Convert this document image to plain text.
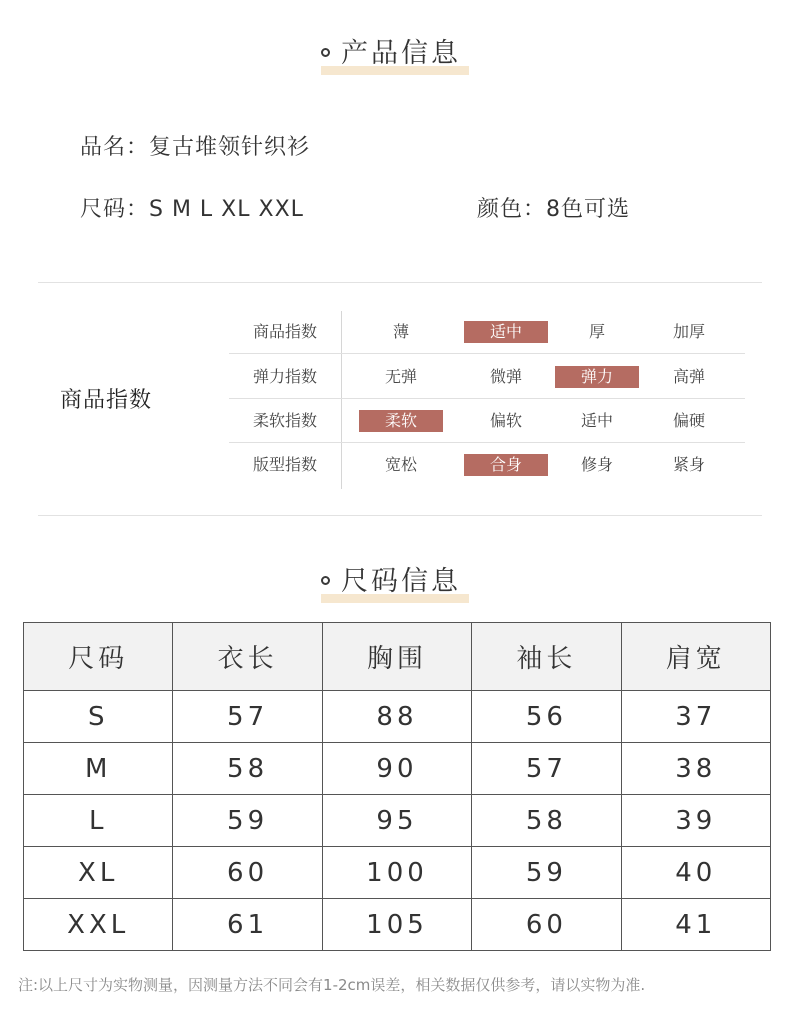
产品信息
品名：复古堆领针织衫
尺码：S M L XL XXL	颜色：8色可选
商品指数
商品指数	薄	适中	厚	加厚
弹力指数	无弹	微弹	弹力	高弹
柔软指数	柔软	偏软	适中	偏硬
版型指数	宽松	合身	修身	紧身
尺码信息
尺码	衣长	胸围	袖长	肩宽
S	57	88	56	37
M	58	90	57	38
L	59	95	58	39
XL	60	100	59	40
XXL	61	105	60	41
注:以上尺寸为实物测量，因测量方法不同会有1-2cm误差，相关数据仅供参考，请以实物为准.
